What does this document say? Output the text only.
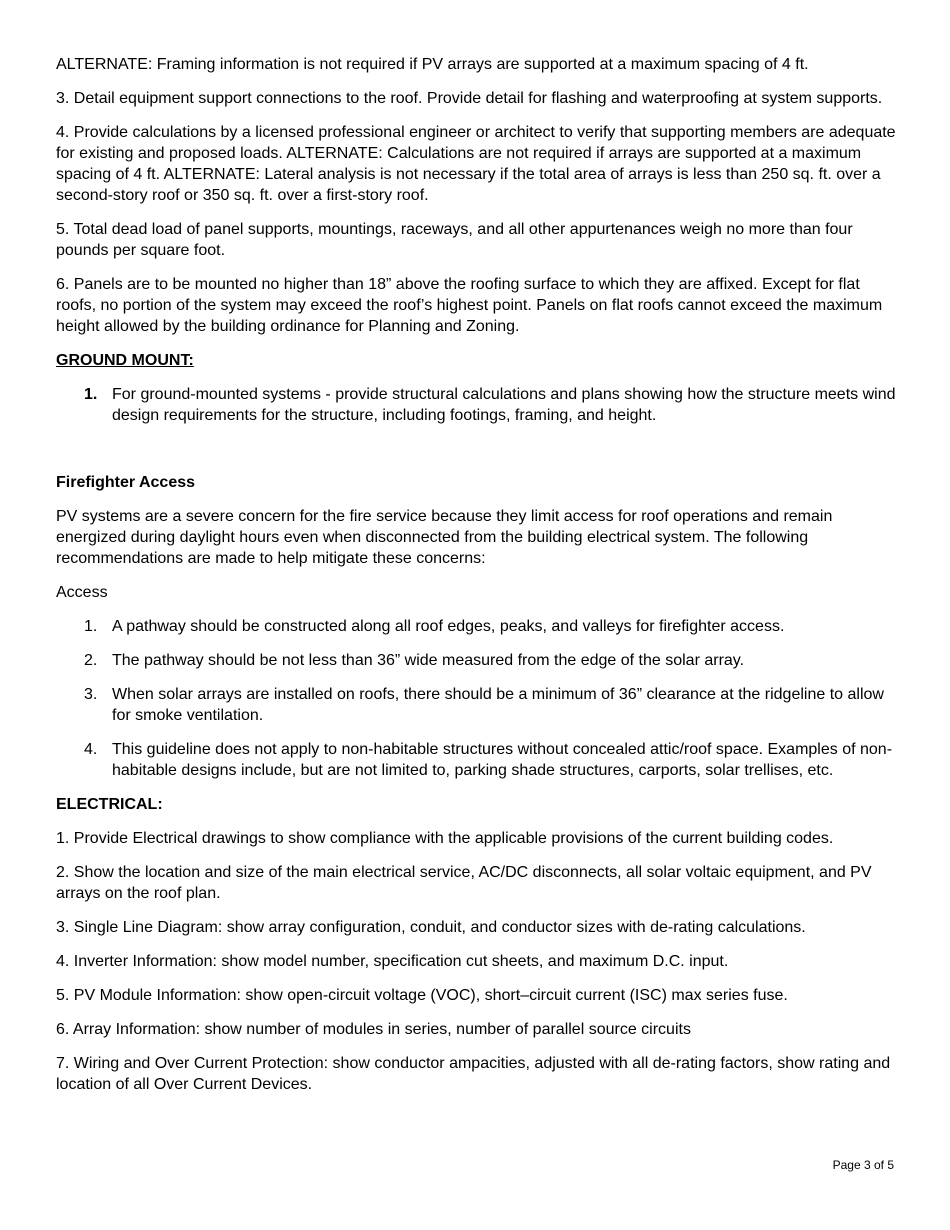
ALTERNATE: Framing information is not required if PV arrays are supported at a maximum spacing of 4 ft.

3. Detail equipment support connections to the roof. Provide detail for flashing and waterproofing at system supports.

4. Provide calculations by a licensed professional engineer or architect to verify that supporting members are adequate for existing and proposed loads. ALTERNATE: Calculations are not required if arrays are supported at a maximum spacing of 4 ft. ALTERNATE: Lateral analysis is not necessary if the total area of arrays is less than 250 sq. ft. over a second-story roof or 350 sq. ft. over a first-story roof.

5. Total dead load of panel supports, mountings, raceways, and all other appurtenances weigh no more than four pounds per square foot.

6. Panels are to be mounted no higher than 18” above the roofing surface to which they are affixed. Except for flat roofs, no portion of the system may exceed the roof’s highest point. Panels on flat roofs cannot exceed the maximum height allowed by the building ordinance for Planning and Zoning.

GROUND MOUNT:
1. For ground-mounted systems - provide structural calculations and plans showing how the structure meets wind design requirements for the structure, including footings, framing, and height.
Firefighter Access

PV systems are a severe concern for the fire service because they limit access for roof operations and remain energized during daylight hours even when disconnected from the building electrical system. The following recommendations are made to help mitigate these concerns:

Access

1. A pathway should be constructed along all roof edges, peaks, and valleys for firefighter access.
2. The pathway should be not less than 36” wide measured from the edge of the solar array.
3. When solar arrays are installed on roofs, there should be a minimum of 36” clearance at the ridgeline to allow for smoke ventilation.
4. This guideline does not apply to non-habitable structures without concealed attic/roof space. Examples of non-habitable designs include, but are not limited to, parking shade structures, carports, solar trellises, etc.
ELECTRICAL:

1. Provide Electrical drawings to show compliance with the applicable provisions of the current building codes.

2. Show the location and size of the main electrical service, AC/DC disconnects, all solar voltaic equipment, and PV arrays on the roof plan.

3. Single Line Diagram: show array configuration, conduit, and conductor sizes with de-rating calculations.

4. Inverter Information: show model number, specification cut sheets, and maximum D.C. input.

5. PV Module Information: show open-circuit voltage (VOC), short–circuit current (ISC) max series fuse.

6. Array Information: show number of modules in series, number of parallel source circuits

7. Wiring and Over Current Protection: show conductor ampacities, adjusted with all de-rating factors, show rating and location of all Over Current Devices.

Page 3 of 5
